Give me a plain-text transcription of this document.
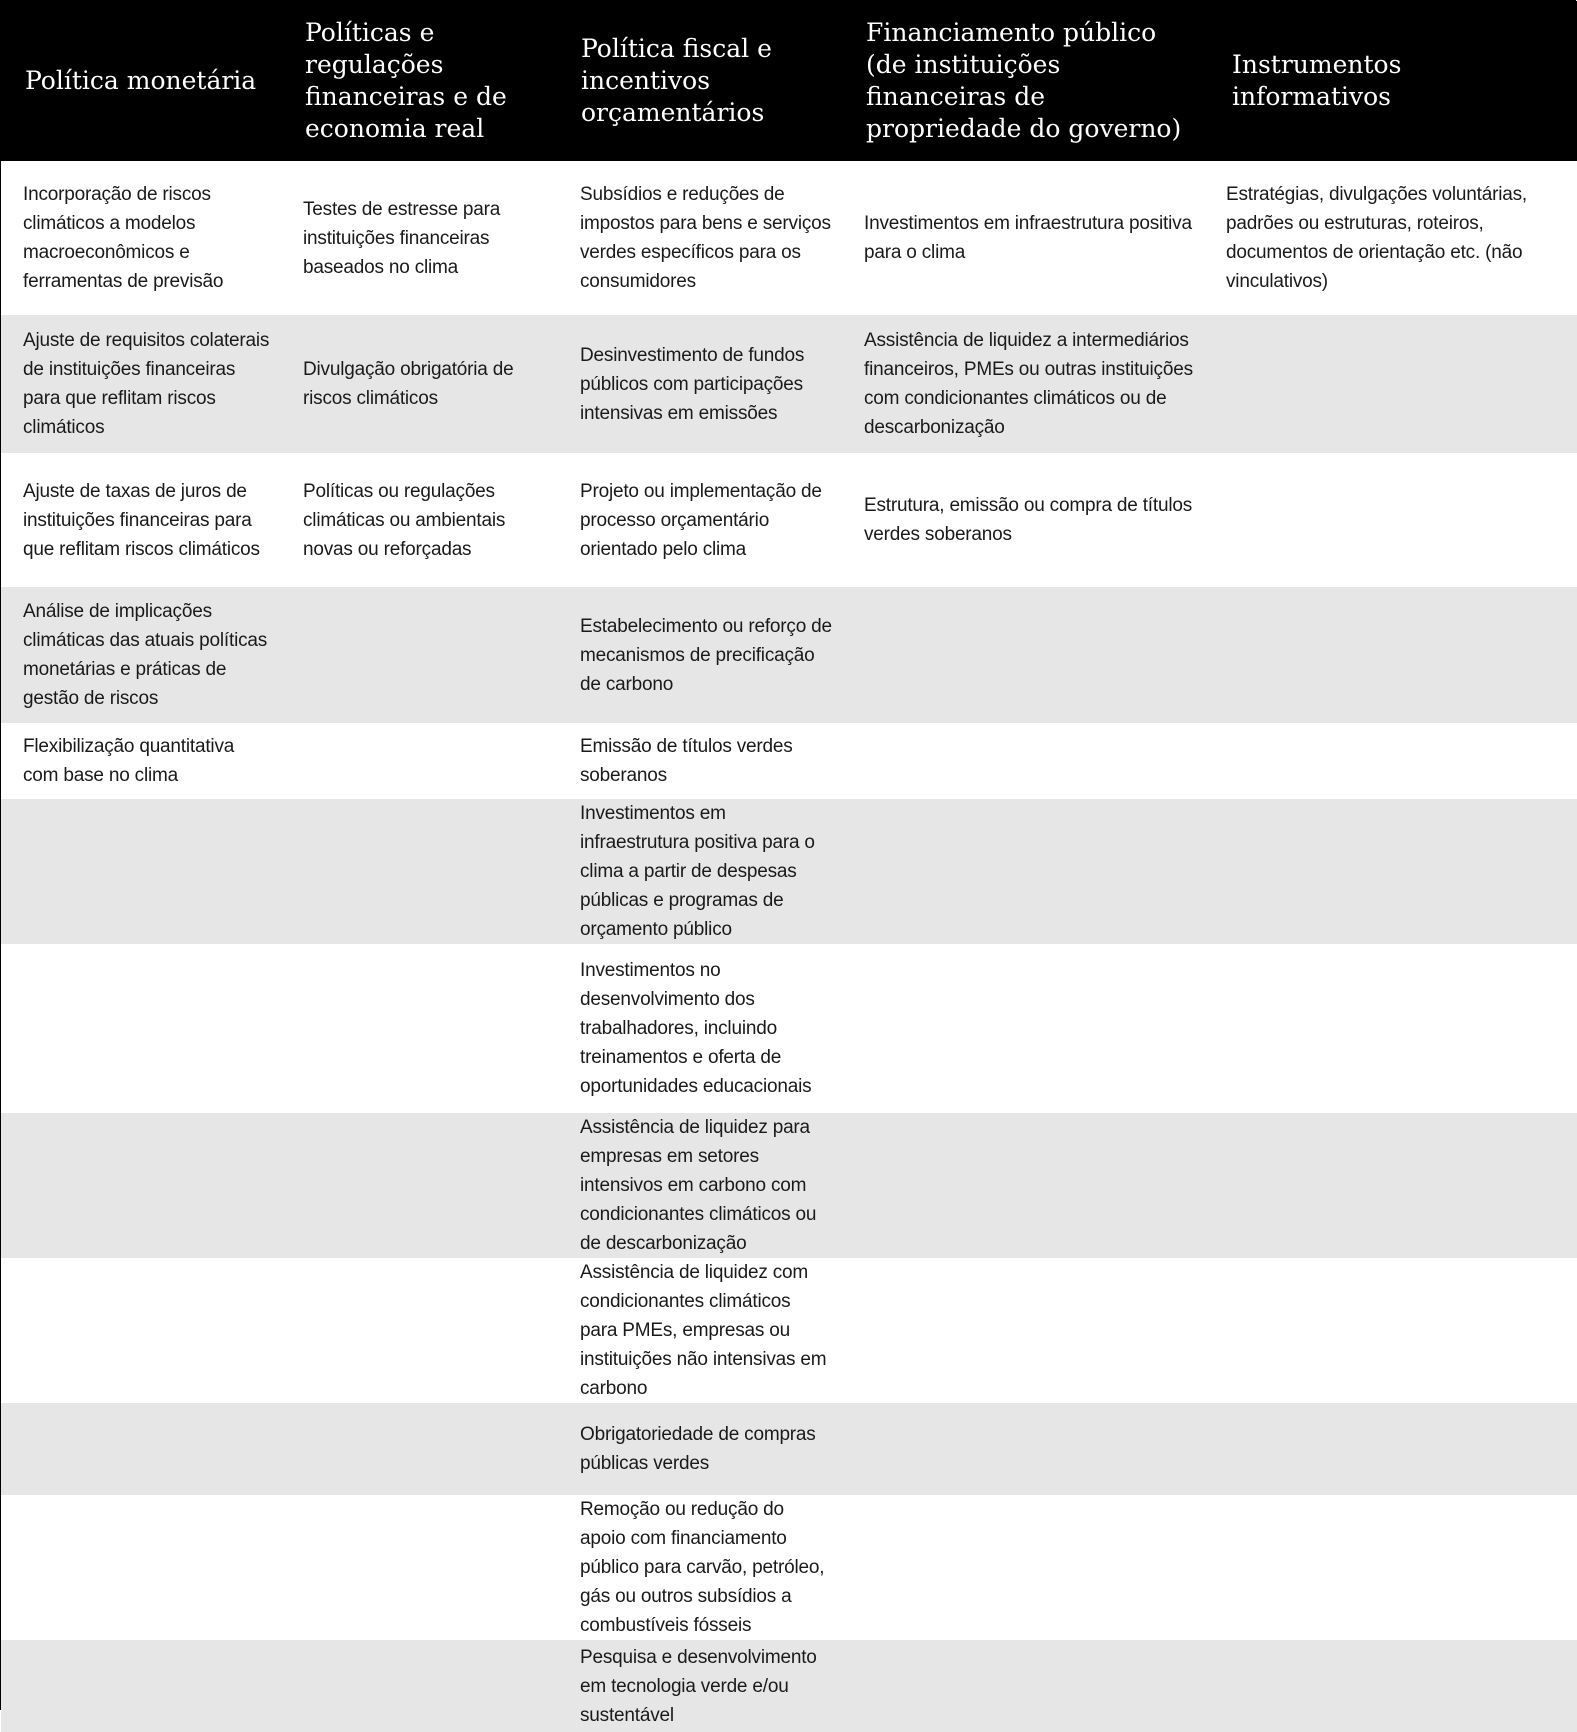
Política monetária	Políticas e regulações financeiras e de economia real	Política fiscal e incentivos orçamentários	Financiamento público (de instituições financeiras de propriedade do governo)	Instrumentos informativos
Incorporação de riscos climáticos a modelos macroeconômicos e ferramentas de previsão	Testes de estresse para instituições financeiras baseados no clima	Subsídios e reduções de impostos para bens e serviços verdes específicos para os consumidores	Investimentos em infraestrutura positiva para o clima	Estratégias, divulgações voluntárias, padrões ou estruturas, roteiros, documentos de orientação etc. (não vinculativos)
Ajuste de requisitos colaterais de instituições financeiras para que reflitam riscos climáticos	Divulgação obrigatória de riscos climáticos	Desinvestimento de fundos públicos com participações intensivas em emissões	Assistência de liquidez a intermediários financeiros, PMEs ou outras instituições com condicionantes climáticos ou de descarbonização	
Ajuste de taxas de juros de instituições financeiras para que reflitam riscos climáticos	Políticas ou regulações climáticas ou ambientais novas ou reforçadas	Projeto ou implementação de processo orçamentário orientado pelo clima	Estrutura, emissão ou compra de títulos verdes soberanos	
Análise de implicações climáticas das atuais políticas monetárias e práticas de gestão de riscos		Estabelecimento ou reforço de mecanismos de precificação de carbono		
Flexibilização quantitativa com base no clima		Emissão de títulos verdes soberanos		
		Investimentos em infraestrutura positiva para o clima a partir de despesas públicas e programas de orçamento público		
		Investimentos no desenvolvimento dos trabalhadores, incluindo treinamentos e oferta de oportunidades educacionais		
		Assistência de liquidez para empresas em setores intensivos em carbono com condicionantes climáticos ou de descarbonização		
		Assistência de liquidez com condicionantes climáticos para PMEs, empresas ou instituições não intensivas em carbono		
		Obrigatoriedade de compras públicas verdes		
		Remoção ou redução do apoio com financiamento público para carvão, petróleo, gás ou outros subsídios a combustíveis fósseis		
		Pesquisa e desenvolvimento em tecnologia verde e/ou sustentável		
